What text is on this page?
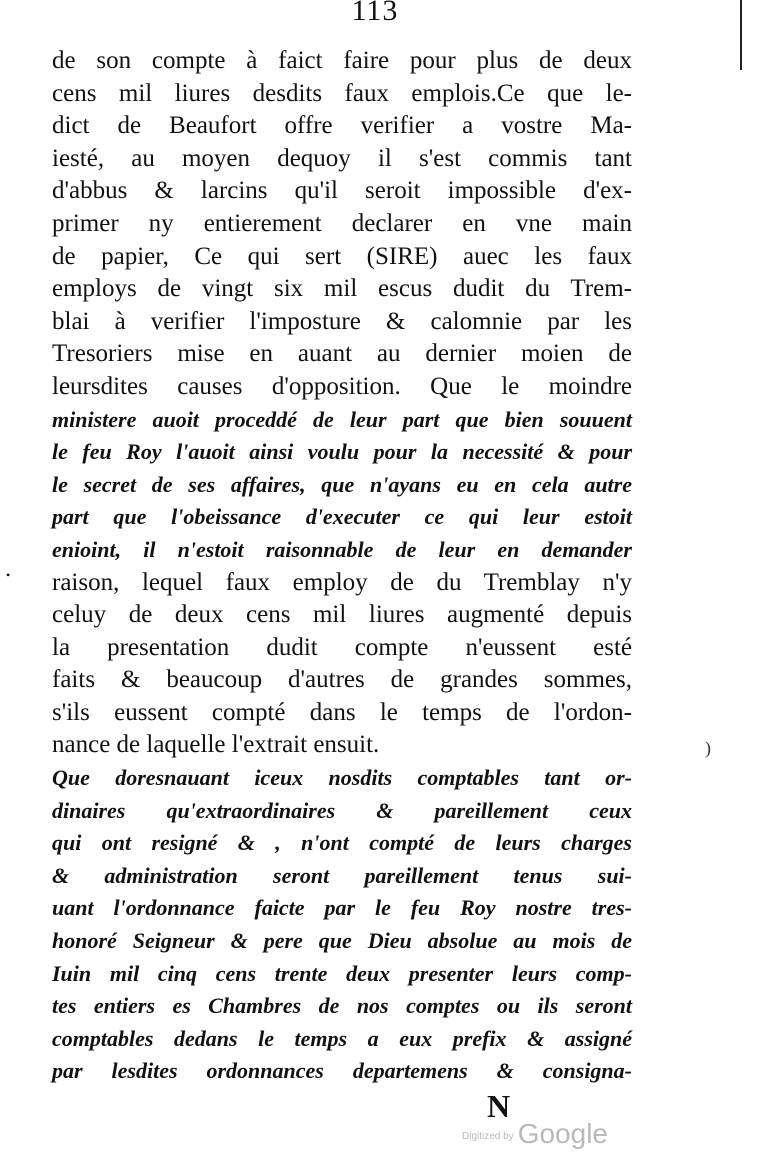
113
•
)
de son compte à faict faire pour plus de deux
cens mil liures desdits faux emplois.Ce que le-
dict de Beaufort offre verifier a vostre Ma-
iesté, au moyen dequoy il s'est commis tant
d'abbus & larcins qu'il seroit impossible d'ex-
primer ny entierement declarer en vne main
de papier, Ce qui sert (SIRE) auec les faux
employs de vingt six mil escus dudit du Trem-
blai à verifier l'imposture & calomnie par les
Tresoriers mise en auant au dernier moien de
leursdites causes d'opposition. Que le moindre
ministere auoit proceddé de leur part que bien souuent
le feu Roy l'auoit ainsi voulu pour la necessité & pour
le secret de ses affaires, que n'ayans eu en cela autre
part que l'obeissance d'executer ce qui leur estoit
enioint, il n'estoit raisonnable de leur en demander
raison, lequel faux employ de du Tremblay n'y
celuy de deux cens mil liures augmenté depuis
la presentation dudit compte n'eussent esté
faits & beaucoup d'autres de grandes sommes,
s'ils eussent compté dans le temps de l'ordon-
nance de laquelle l'extrait ensuit.
Que doresnauant iceux nosdits comptables tant or-
dinaires qu'extraordinaires & pareillement ceux
qui ont resigné & , n'ont compté de leurs charges
& administration seront pareillement tenus sui-
uant l'ordonnance faicte par le feu Roy nostre tres-
honoré Seigneur & pere que Dieu absolue au mois de
Iuin mil cinq cens trente deux presenter leurs comp-
tes entiers es Chambres de nos comptes ou ils seront
comptables dedans le temps a eux prefix & assigné
par lesdites ordonnances departemens & consigna-
N
$^{Digitized by}$ Google
